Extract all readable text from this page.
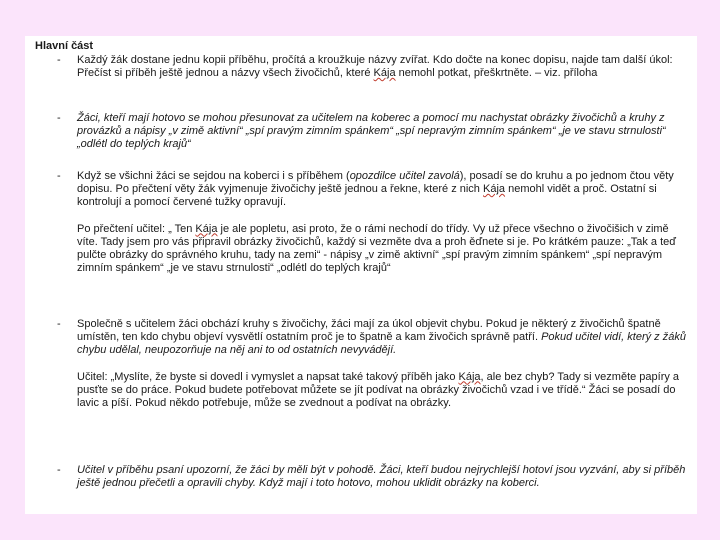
Hlavní část
- Každý žák dostane jednu kopii příběhu, pročítá a kroužkuje názvy zvířat. Kdo dočte na konec dopisu, najde tam další úkol: Přečíst si příběh ještě jednou a názvy všech živočichů, které Kája nemohl potkat, přeškrtněte. – viz. příloha

- Žáci, kteří mají hotovo se mohou přesunovat za učitelem na koberec a pomocí mu nachystat obrázky živočichů a kruhy z provázků a nápisy „v zimě aktivní“ „spí pravým zimním spánkem“ „spí nepravým zimním spánkem“ „je ve stavu strnulosti“ „odlétl do teplých krajů“

- Když se všichni žáci se sejdou na koberci i s příběhem (opozdilce učitel zavolá), posadí se do kruhu a po jednom čtou věty dopisu. Po přečtení věty žák vyjmenuje živočichy ještě jednou a řekne, které z nich Kája nemohl vidět a proč. Ostatní si kontrolují a pomocí červené tužky opravují.

Po přečtení učitel: „ Ten Kája je ale popletu, asi proto, že o rámi nechodí do třídy. Vy už přece všechno o živočišich v zimě víte. Tady jsem pro vás připravil obrázky živočichů, každý si vezměte dva a proh ěďnete si je. Po krátkém pauze: „Tak a teď pulčte obrázky do správného kruhu, tady na zemi“ - nápisy „v zimě aktivní“ „spí pravým zimním spánkem“ „spí nepravým zimním spánkem“ „je ve stavu strnulosti“ „odlétl do teplých krajů“

- Společně s učitelem žáci obchází kruhy s živočichy, žáci mají za úkol objevit chybu. Pokud je některý z živočichů špatně umístěn, ten kdo chybu objeví vysvětlí ostatním proč je to špatně a kam živočich správně patří. Pokud učitel vidí, který z žáků chybu udělal, neupozorňuje na něj ani to od ostatních nevyvádějí.

Učitel: „Myslíte, že byste si dovedl i vymyslet a napsat také takový příběh jako Kája, ale bez chyb? Tady si vezměte papíry a pusťte se do práce. Pokud budete potřebovat můžete se jít podívat na obrázky živočichů vzad i ve třídě.“ Žáci se posadí do lavic a píší. Pokud někdo potřebuje, může se zvednout a podívat na obrázky.

- Učitel v příběhu psaní upozorní, že žáci by měli být v pohodě. Žáci, kteří budou nejrychlejší hotoví jsou vyzvání, aby si příběh ještě jednou přečetli a opravili chyby. Když mají i toto hotovo, mohou uklidit obrázky na koberci.
